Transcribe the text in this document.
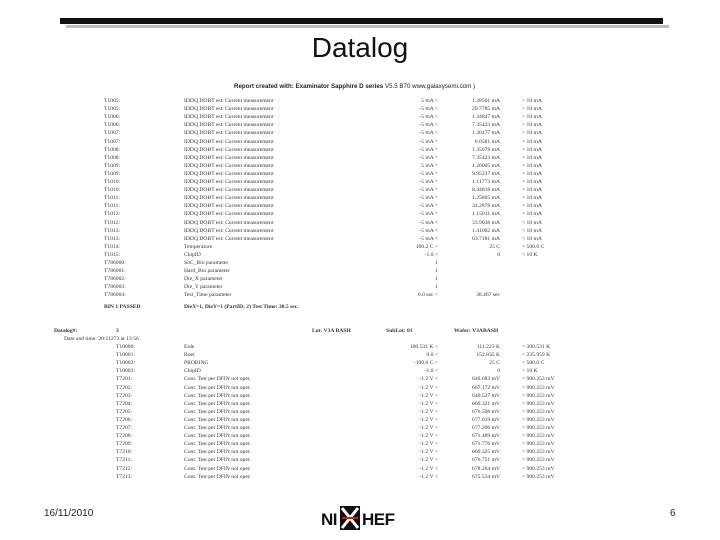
Datalog
Report created with: Examinator Sapphire D series V5.5 B70 www.galaxysemi.com )
T1005:	IDDQ DOBT est: Current measurement	5 mA <	1.28501 mA	< 10 mA
T1005:	IDDQ DOBT est: Current measurement	-5 mA <	29.7785 mA	< 10 mA
T1006:	IDDQ DOBT est: Current measurement	-5 mA <	1.34847 mA	< 10 mA
T1006:	IDDQ DOBT est: Current measurement	-5 mA <	7.35433 mA	< 10 mA
T1007:	IDDQ DOBT est: Current measurement	-5 mA <	1.30477 mA	< 10 mA
T1007:	IDDQ DOBT est: Current measurement	-5 mA <	8.0581 mA	< 10 mA
T1008:	IDDQ DOBT est: Current measurement	-5 mA <	1.35078 mA	< 10 mA
T1008:	IDDQ DOBT est: Current measurement	-5 mA <	7.35423 mA	< 10 mA
T1009:	IDDQ DOBT est: Current measurement	5 mA <	1.26005 mA	< 10 mA
T1009:	IDDQ DOBT est: Current measurement	-5 mA <	9.95237 mA	< 10 mA
T1010:	IDDQ DOBT est: Current measurement	-5 mA <	1.11773 mA	< 10 mA
T1010:	IDDQ DOBT est: Current measurement	-5 mA <	8.44818 mA	< 10 mA
T1011:	IDDQ DOBT est: Current measurement	-5 mA <	1.25805 mA	< 10 mA
T1011:	IDDQ DOBT est: Current measurement	-5 mA <	34.2878 mA	< 10 mA
T1012:	IDDQ DOBT est: Current measurement	-5 mA <	1.15011 mA	< 10 mA
T1012:	IDDQ DOBT est: Current measurement	-5 mA <	33.9038 mA	< 10 mA
T1013:	IDDQ DOBT est: Current measurement	-5 mA <	1.41002 mA	< 10 mA
T1013:	IDDQ DOBT est: Current measurement	-5 mA <	63.7181 mA	< 10 mA
T1014:	Temperature	100.2 C <	25 C	< 500.0 C
T1015:	ChipID	-1.0 <	0	< 10 K
T786000:	SoC_Bin parameter	1
T786001:	Hard_Bin parameter	1
T786002:	Die_X parameter	1
T786003:	Die_Y parameter	1
T786004:	Test_Time parameter	0.0 sec <	38.467 sec
BIN 1 PASSED	DieX=1, DieY=1 (PartID: 2) Test Time: 38.5 sec.
Datalog#:	3	Lot: V3A BASH	SubLot: 01	Wafer: V3ABASH
Date and time: 20:11273 at 13:56
T10000:	Eide	100.531 K <	111.223 K	< 300.531 K
T10001:	Boer	0.0 <	152.835 K	< 235.959 K
T10002:	PROBING	-100.0 C <	25 C	< 500.0 C
T10003:	ChipID	-1.0 <	0	< 10 K
T7201:	Cont. Test per DFIN not oper.	-1.2 V <	640.683 mV	< 900.253 mV
T7202:	Cont. Test per DFIN not oper.	-1.2 V <	667.172 mV	< 900.253 mV
T7203:	Cont. Test per DFIN not oper.	-1.2 V <	640.537 mV	< 900.253 mV
T7204:	Cont. Test per DFIN not oper.	-1.2 V <	660.321 mV	< 900.253 mV
T7205:	Cont. Test per DFIN not oper.	-1.2 V <	676.508 mV	< 900.253 mV
T7206:	Cont. Test per DFIN not oper.	-1.2 V <	677.619 mV	< 900.253 mV
T7207:	Cont. Test per DFIN not oper.	-1.2 V <	677.206 mV	< 900.253 mV
T7208:	Cont. Test per DFIN not oper.	-1.2 V <	671.489 mV	< 900.253 mV
T7209:	Cont. Test per DFIN not oper.	-1.2 V <	671.776 mV	< 900.253 mV
T7210:	Cont. Test per DFIN not oper.	-1.2 V <	660.325 mV	< 900.253 mV
T7211:	Cont. Test per DFIN not oper.	-1.2 V <	676.751 mV	< 900.253 mV
T7212:	Cont. Test per DFIN not oper.	-1.2 V <	678.264 mV	< 900.253 mV
T7213:	Cont. Test per DFIN not oper.	-1.2 V <	675.534 mV	< 900.253 mV
16/11/2010	NI HEF	6
